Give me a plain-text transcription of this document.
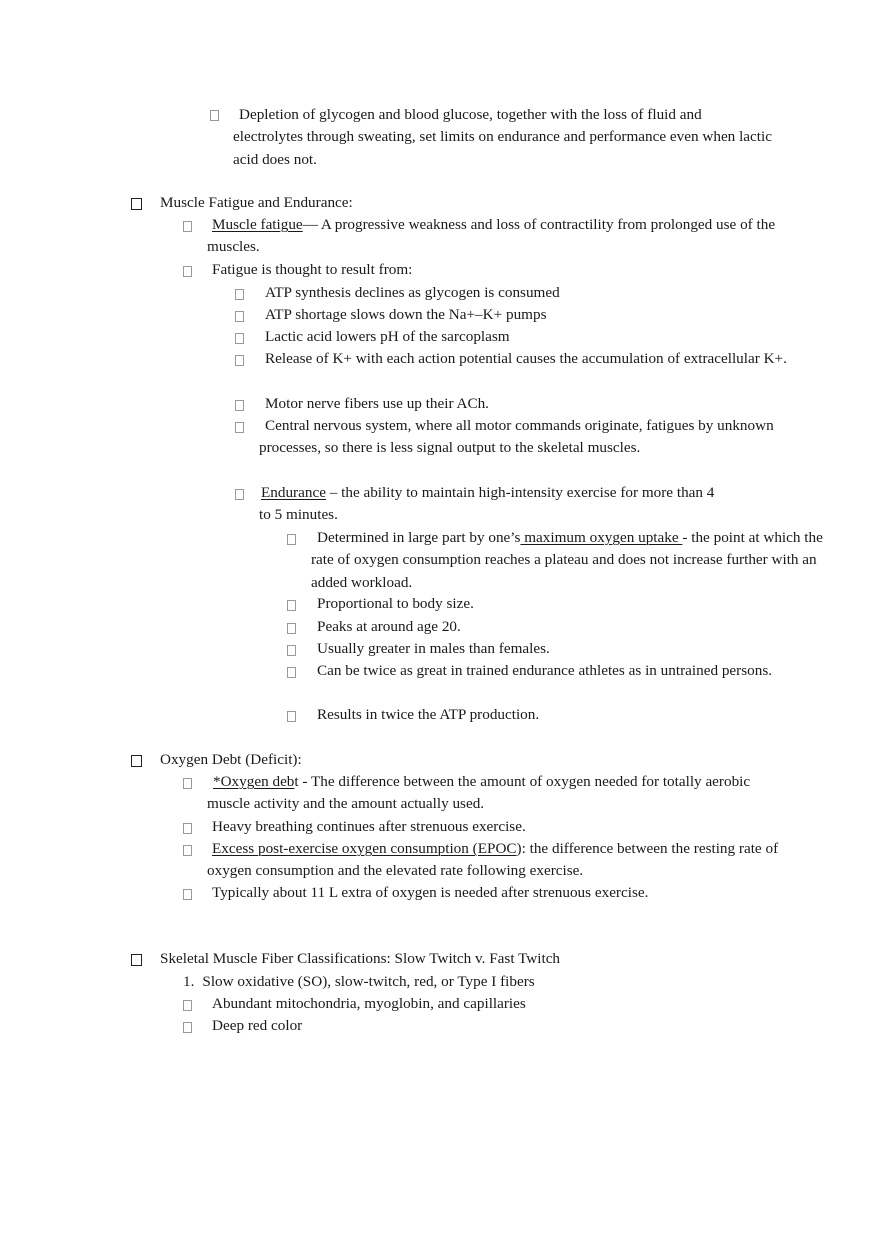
Depletion of glycogen and blood glucose, together with the loss of fluid and electrolytes through sweating, set limits on endurance and performance even when lactic acid does not.

Muscle Fatigue and Endurance:

Muscle fatigue— A progressive weakness and loss of contractility from prolonged use of the muscles.

Fatigue is thought to result from:

ATP synthesis declines as glycogen is consumed

ATP shortage slows down the Na+–K+ pumps

Lactic acid lowers pH of the sarcoplasm

Release of K+ with each action potential causes the accumulation of extracellular K+.

Motor nerve fibers use up their ACh.

Central nervous system, where all motor commands originate, fatigues by unknown processes, so there is less signal output to the skeletal muscles.

Endurance – the ability to maintain high-intensity exercise for more than 4 to 5 minutes.

Determined in large part by one’s maximum oxygen uptake - the point at which the rate of oxygen consumption reaches a plateau and does not increase further with an added workload.

Proportional to body size.

Peaks at around age 20.

Usually greater in males than females.

Can be twice as great in trained endurance athletes as in untrained persons.

Results in twice the ATP production.

Oxygen Debt (Deficit):

*Oxygen debt - The difference between the amount of oxygen needed for totally aerobic muscle activity and the amount actually used.

Heavy breathing continues after strenuous exercise.

Excess post-exercise oxygen consumption (EPOC): the difference between the resting rate of oxygen consumption and the elevated rate following exercise.

Typically about 11 L extra of oxygen is needed after strenuous exercise.

Skeletal Muscle Fiber Classifications: Slow Twitch v. Fast Twitch

1. Slow oxidative (SO), slow-twitch, red, or Type I fibers

Abundant mitochondria, myoglobin, and capillaries

Deep red color
